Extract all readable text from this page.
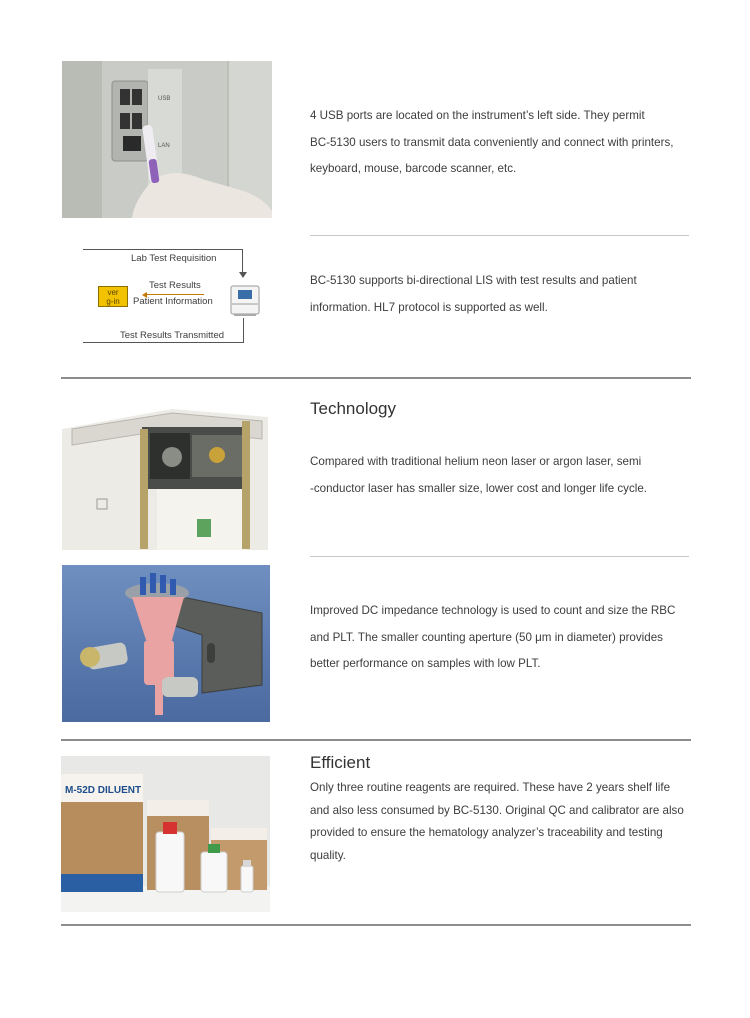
USB
LAN

4 USB ports are located on the instrument’s left side. They permit
BC-5130 users to transmit data conveniently and connect with printers,
keyboard, mouse, barcode scanner, etc.

Lab Test Requisition
Test Results
Patient Information
ver
g-in
Test Results Transmitted

BC-5130 supports bi-directional LIS with test results and patient
information. HL7 protocol is supported as well.

Technology

Compared with traditional helium neon laser or argon laser, semi
-conductor laser has smaller size, lower cost and longer life cycle.

Improved DC impedance technology is used to count and size the RBC
and PLT. The smaller counting aperture (50 μm in diameter) provides
better performance on samples with low PLT.

M-52D DILUENT
Efficient

Only three routine reagents are required. These have 2 years shelf life
and also less consumed by BC-5130. Original QC and calibrator are also
provided to ensure the hematology analyzer’s traceability and testing
quality.
